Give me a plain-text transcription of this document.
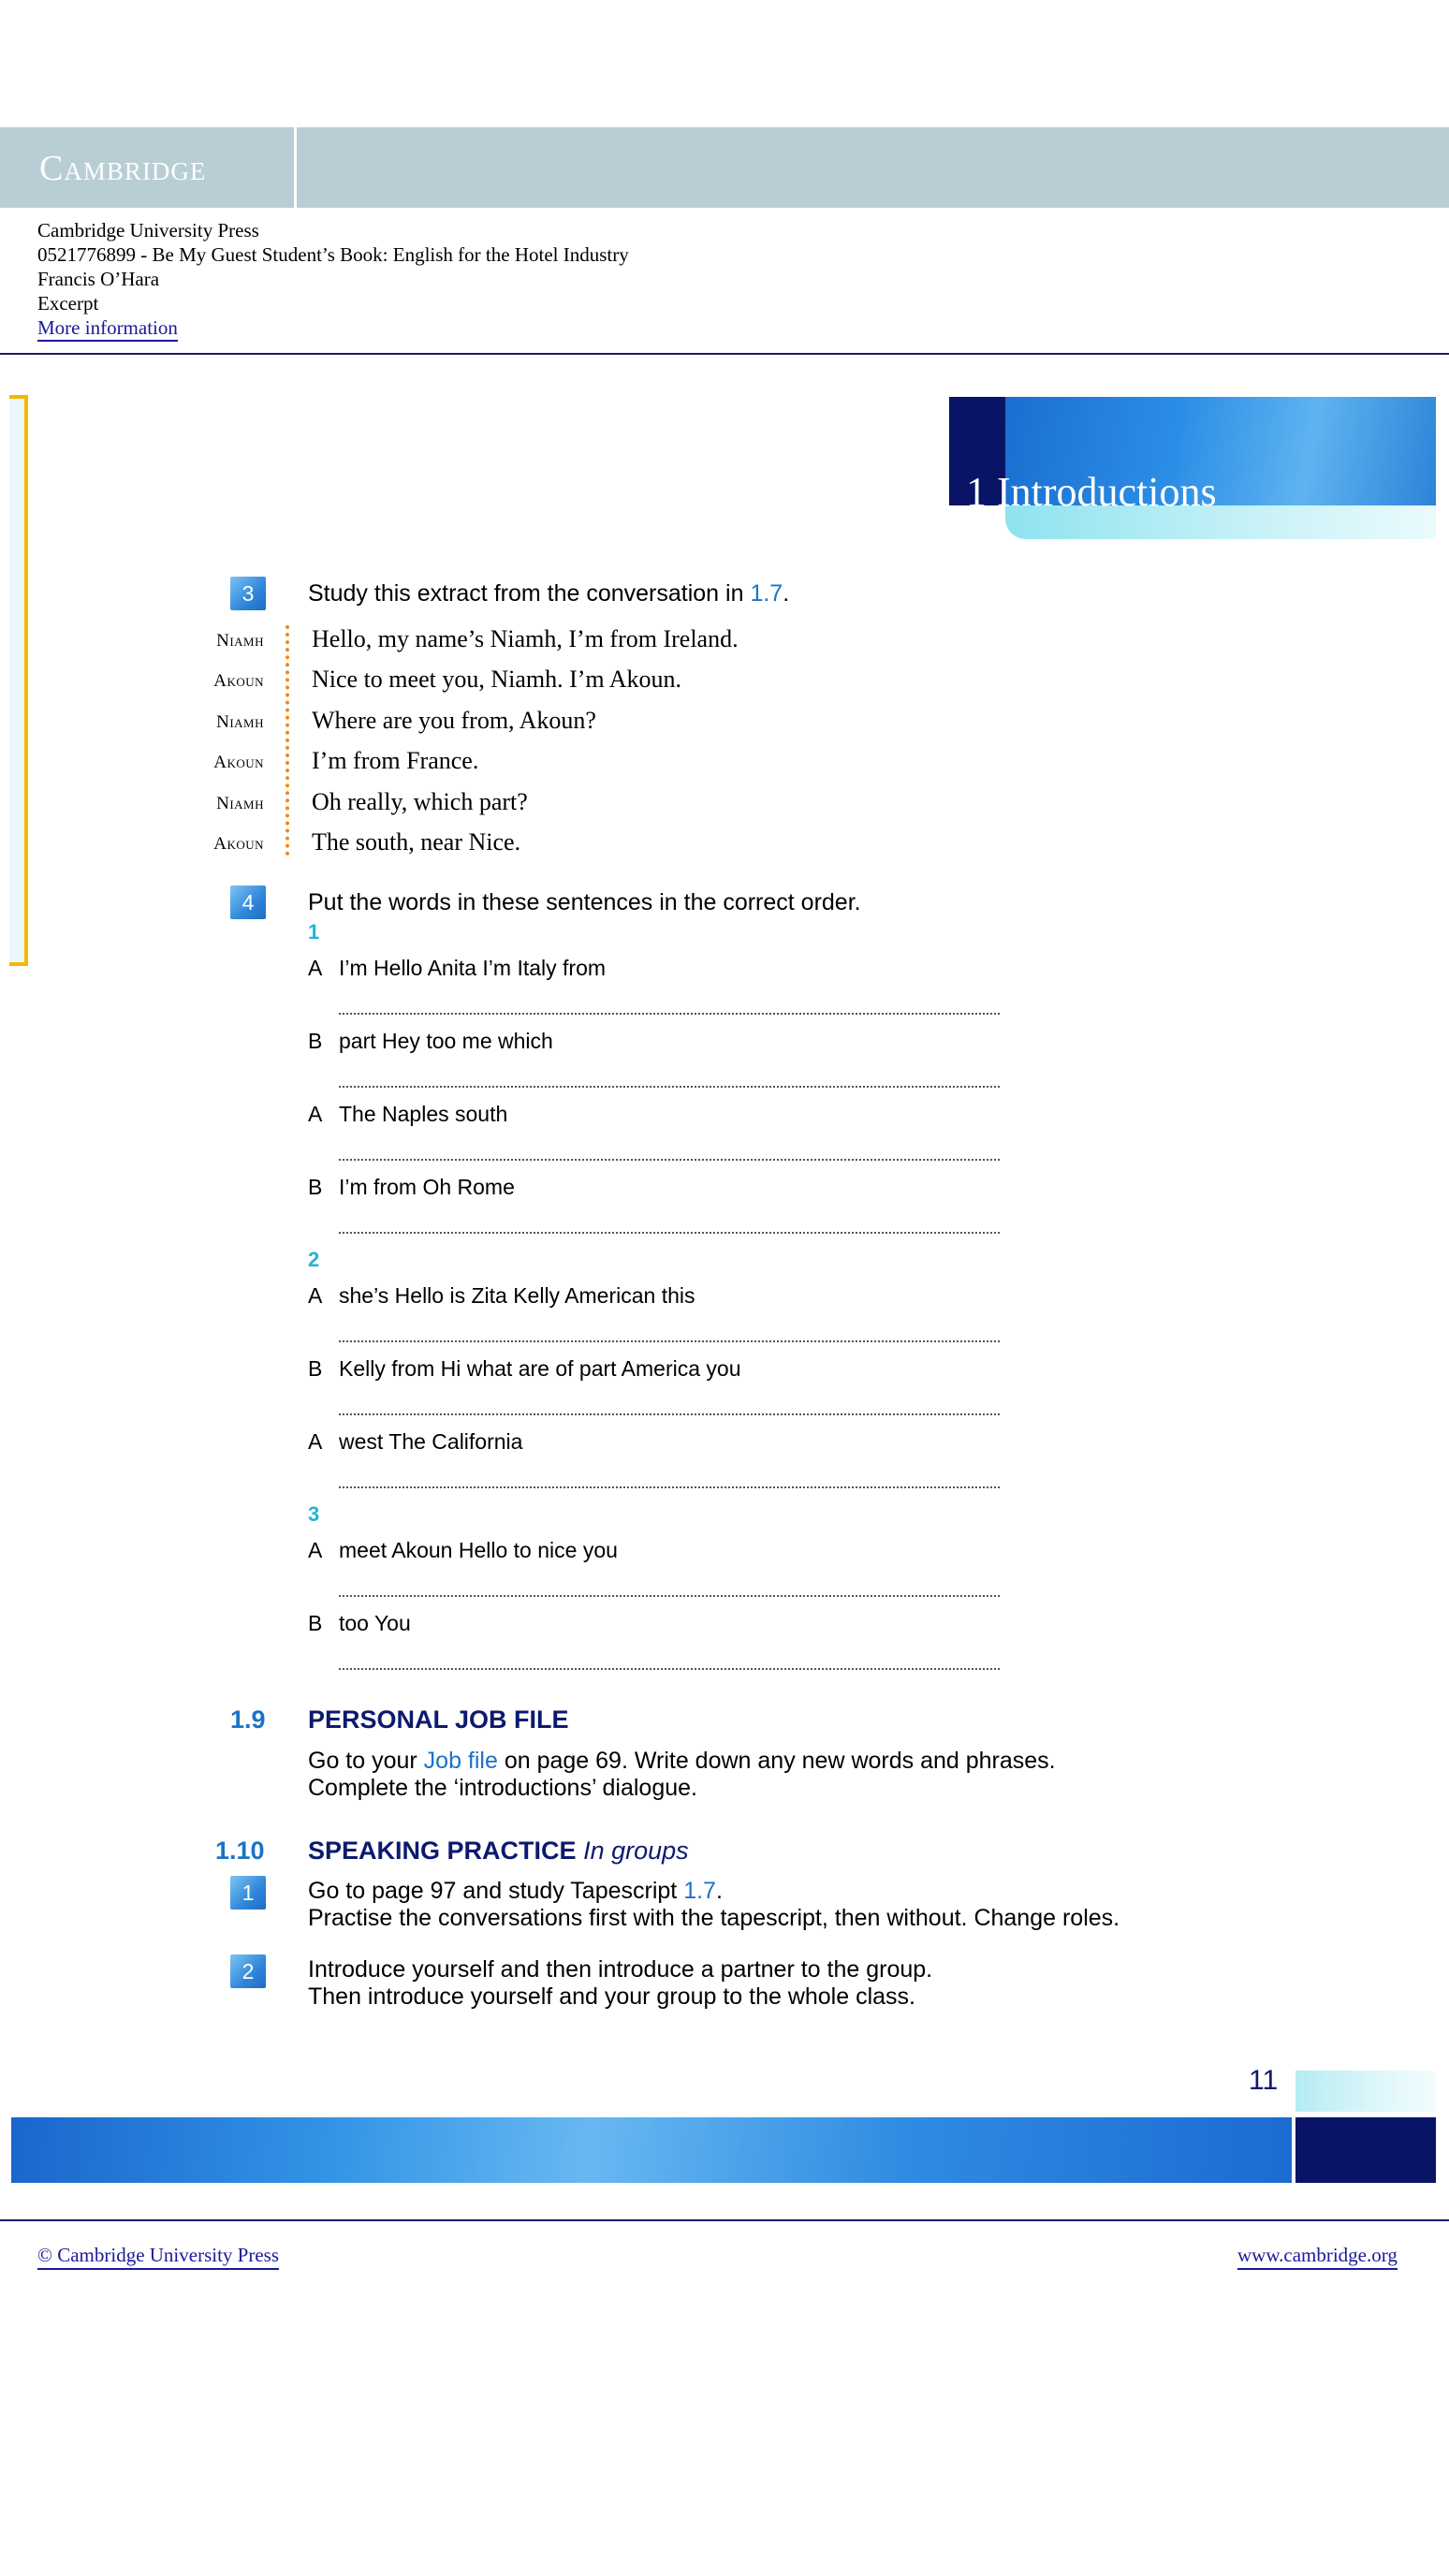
Cambridge
Cambridge University Press
0521776899 - Be My Guest Student’s Book: English for the Hotel Industry
Francis O’Hara
Excerpt
More information
1 Introductions
3	Study this extract from the conversation in 1.7.
Niamh Hello, my name’s Niamh, I’m from Ireland.
Akoun Nice to meet you, Niamh. I’m Akoun.
Niamh Where are you from, Akoun?
Akoun I’m from France.
Niamh Oh really, which part?
Akoun The south, near Nice.
4	Put the words in these sentences in the correct order.
1
A I’m Hello Anita I’m Italy from
B part Hey too me which
A The Naples south
B I’m from Oh Rome
2
A she’s Hello is Zita Kelly American this
B Kelly from Hi what are of part America you
A west The California
3
A meet Akoun Hello to nice you
B too You
1.9 PERSONAL JOB FILE
Go to your Job file on page 69. Write down any new words and phrases.
Complete the ‘introductions’ dialogue.
1.10 SPEAKING PRACTICE In groups
1	Go to page 97 and study Tapescript 1.7.
Practise the conversations first with the tapescript, then without. Change roles.
2	Introduce yourself and then introduce a partner to the group.
Then introduce yourself and your group to the whole class.
11
© Cambridge University Press	www.cambridge.org
